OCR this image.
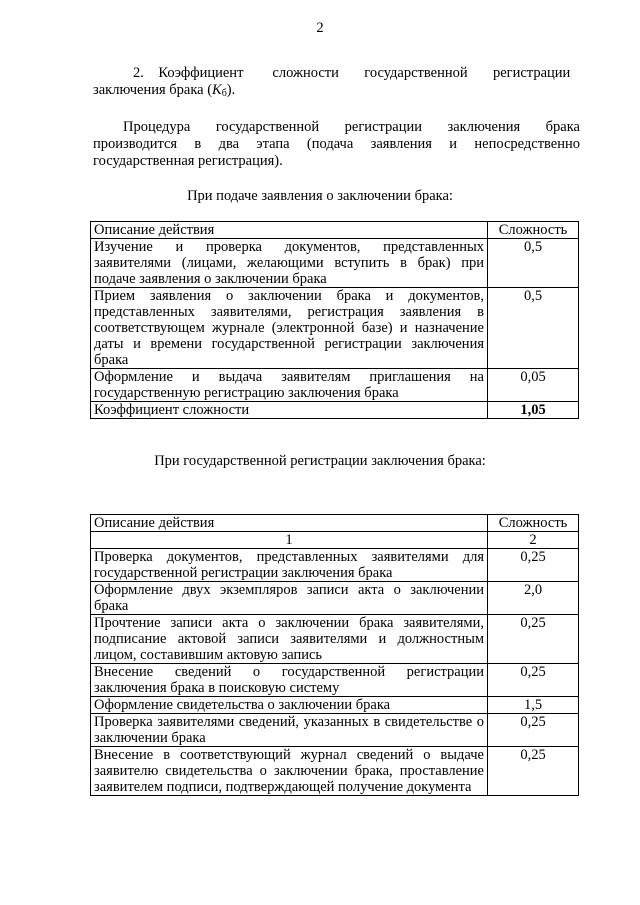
2
2.    Коэффициент        сложности       государственной       регистрации
заключения брака $(К_б)$.
Процедура государственной регистрации заключения брака производится в два этапа (подача заявления и непосредственно государственная регистрация).
При подаче заявления о заключении брака:
Описание действия	Сложность
Изучение и проверка документов, представленных заявителями (лицами, желающими вступить в брак) при подаче заявления о заключении брака	0,5
Прием заявления о заключении брака и документов, представленных заявителями, регистрация заявления в соответствующем журнале (электронной базе) и назначение даты и времени государственной регистрации заключения брака	0,5
Оформление и выдача заявителям приглашения на государственную регистрацию заключения брака	0,05
Коэффициент сложности	1,05
При государственной регистрации заключения брака:
Описание действия	Сложность
1	2
Проверка документов, представленных заявителями для государственной регистрации заключения брака	0,25
Оформление двух экземпляров записи акта о заключении брака	2,0
Прочтение записи акта о заключении брака заявителями, подписание актовой записи заявителями и должностным лицом, составившим актовую запись	0,25
Внесение сведений о государственной регистрации заключения брака в поисковую систему	0,25
Оформление свидетельства о заключении брака	1,5
Проверка заявителями сведений, указанных в свидетельстве о заключении брака	0,25
Внесение в соответствующий журнал сведений о выдаче заявителю свидетельства о заключении брака, проставление заявителем подписи, подтверждающей получение документа	0,25
